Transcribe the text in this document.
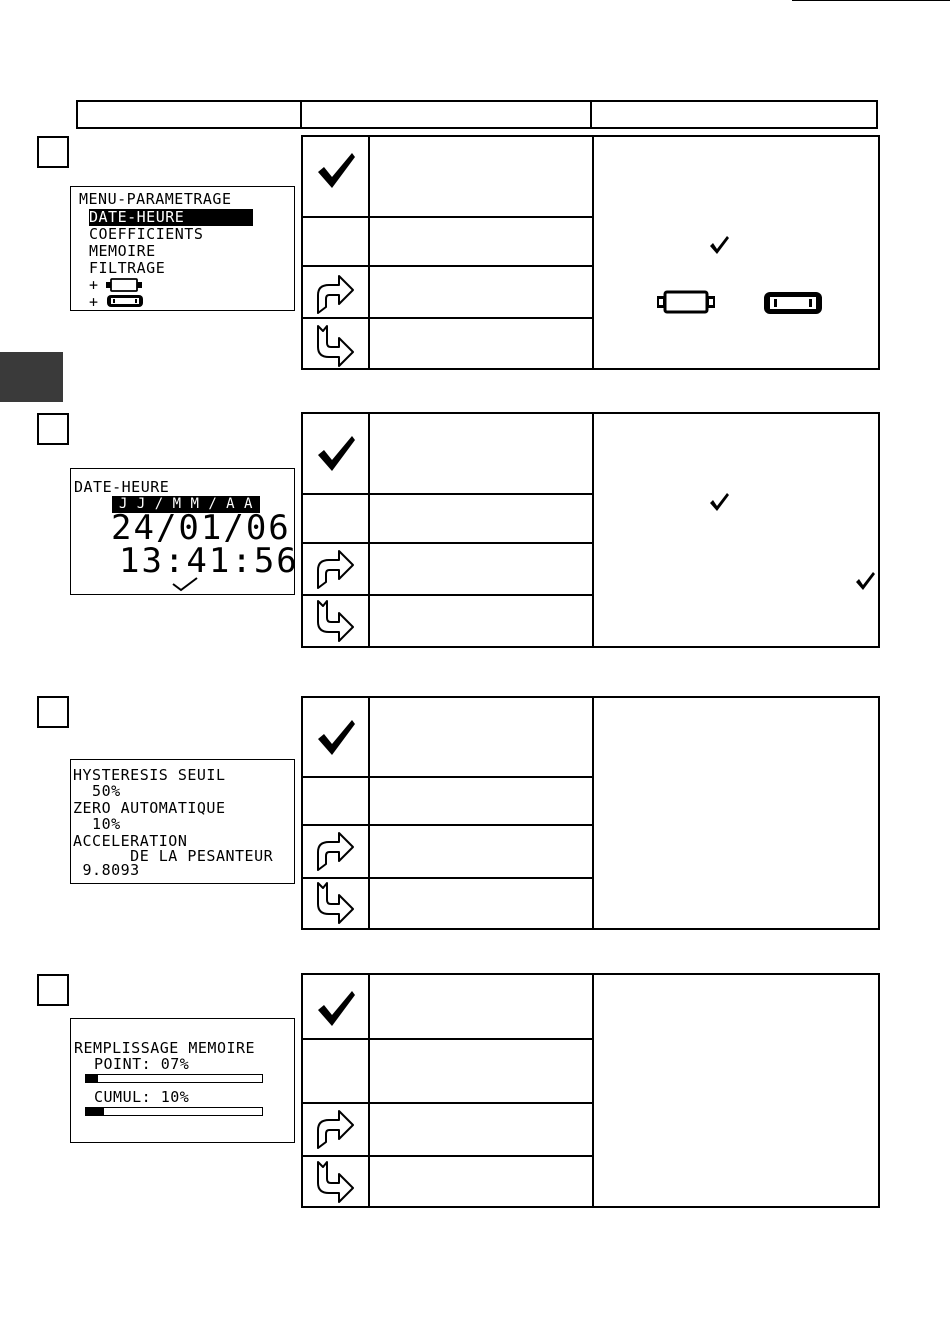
MENU-PARAMETRAGE
DATE-HEURE
COEFFICIENTS
MEMOIRE
FILTRAGE
+
+
DATE-HEURE
J J / M M / A A
24/01/06
13:41:56
HYSTERESIS SEUIL
50%
ZERO AUTOMATIQUE
10%
ACCELERATION
DE LA PESANTEUR
9.8093
REMPLISSAGE MEMOIRE
POINT: 07%
CUMUL: 10%
